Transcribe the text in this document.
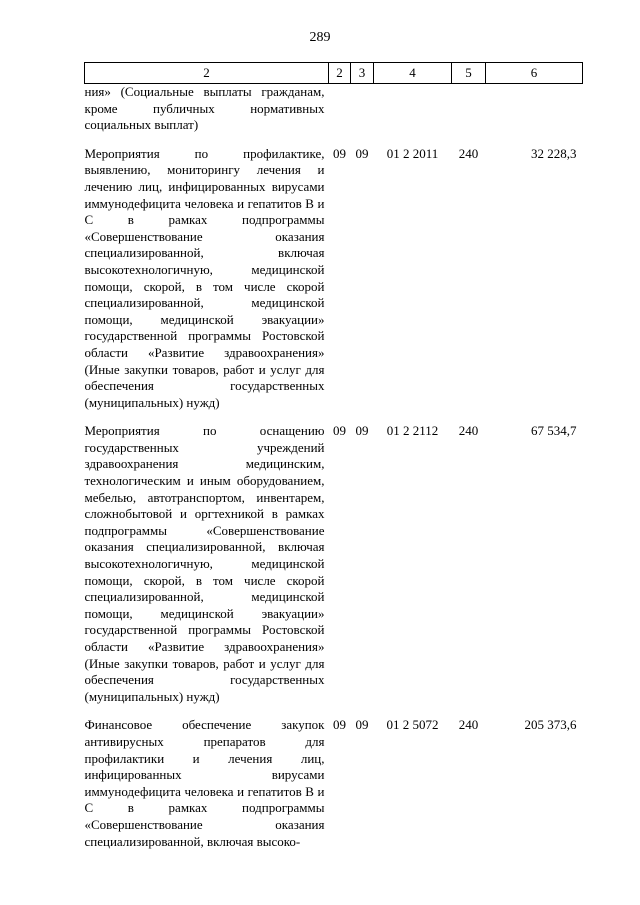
289
2	2	3	4	5	6
ния» (Социальные выплаты гражданам, кроме публичных нормативных социальных выплат)					
Мероприятия по профилактике, выявлению, мониторингу лечения и лечению лиц, инфицированных вирусами иммунодефицита человека и гепатитов В и С в рамках подпрограммы «Совершенствование оказания специализированной, включая высокотехнологичную, медицинской помощи, скорой, в том числе скорой специализированной, медицинской помощи, медицинской эвакуации» государственной программы Ростовской области «Развитие здравоохранения» (Иные закупки товаров, работ и услуг для обеспечения государственных (муниципальных) нужд)	09	09	01 2 2011	240	32 228,3
Мероприятия по оснащению государственных учреждений здравоохранения медицинским, технологическим и иным оборудованием, мебелью, автотранспортом, инвентарем, сложнобытовой и оргтехникой в рамках подпрограммы «Совершенствование оказания специализированной, включая высокотехнологичную, медицинской помощи, скорой, в том числе скорой специализированной, медицинской помощи, медицинской эвакуации» государственной программы Ростовской области «Развитие здравоохранения» (Иные закупки товаров, работ и услуг для обеспечения государственных (муниципальных) нужд)	09	09	01 2 2112	240	67 534,7
Финансовое обеспечение закупок антивирусных препаратов для профилактики и лечения лиц, инфицированных вирусами иммунодефицита человека и гепатитов В и С в рамках подпрограммы «Совершенствование оказания специализированной, включая высоко-	09	09	01 2 5072	240	205 373,6
